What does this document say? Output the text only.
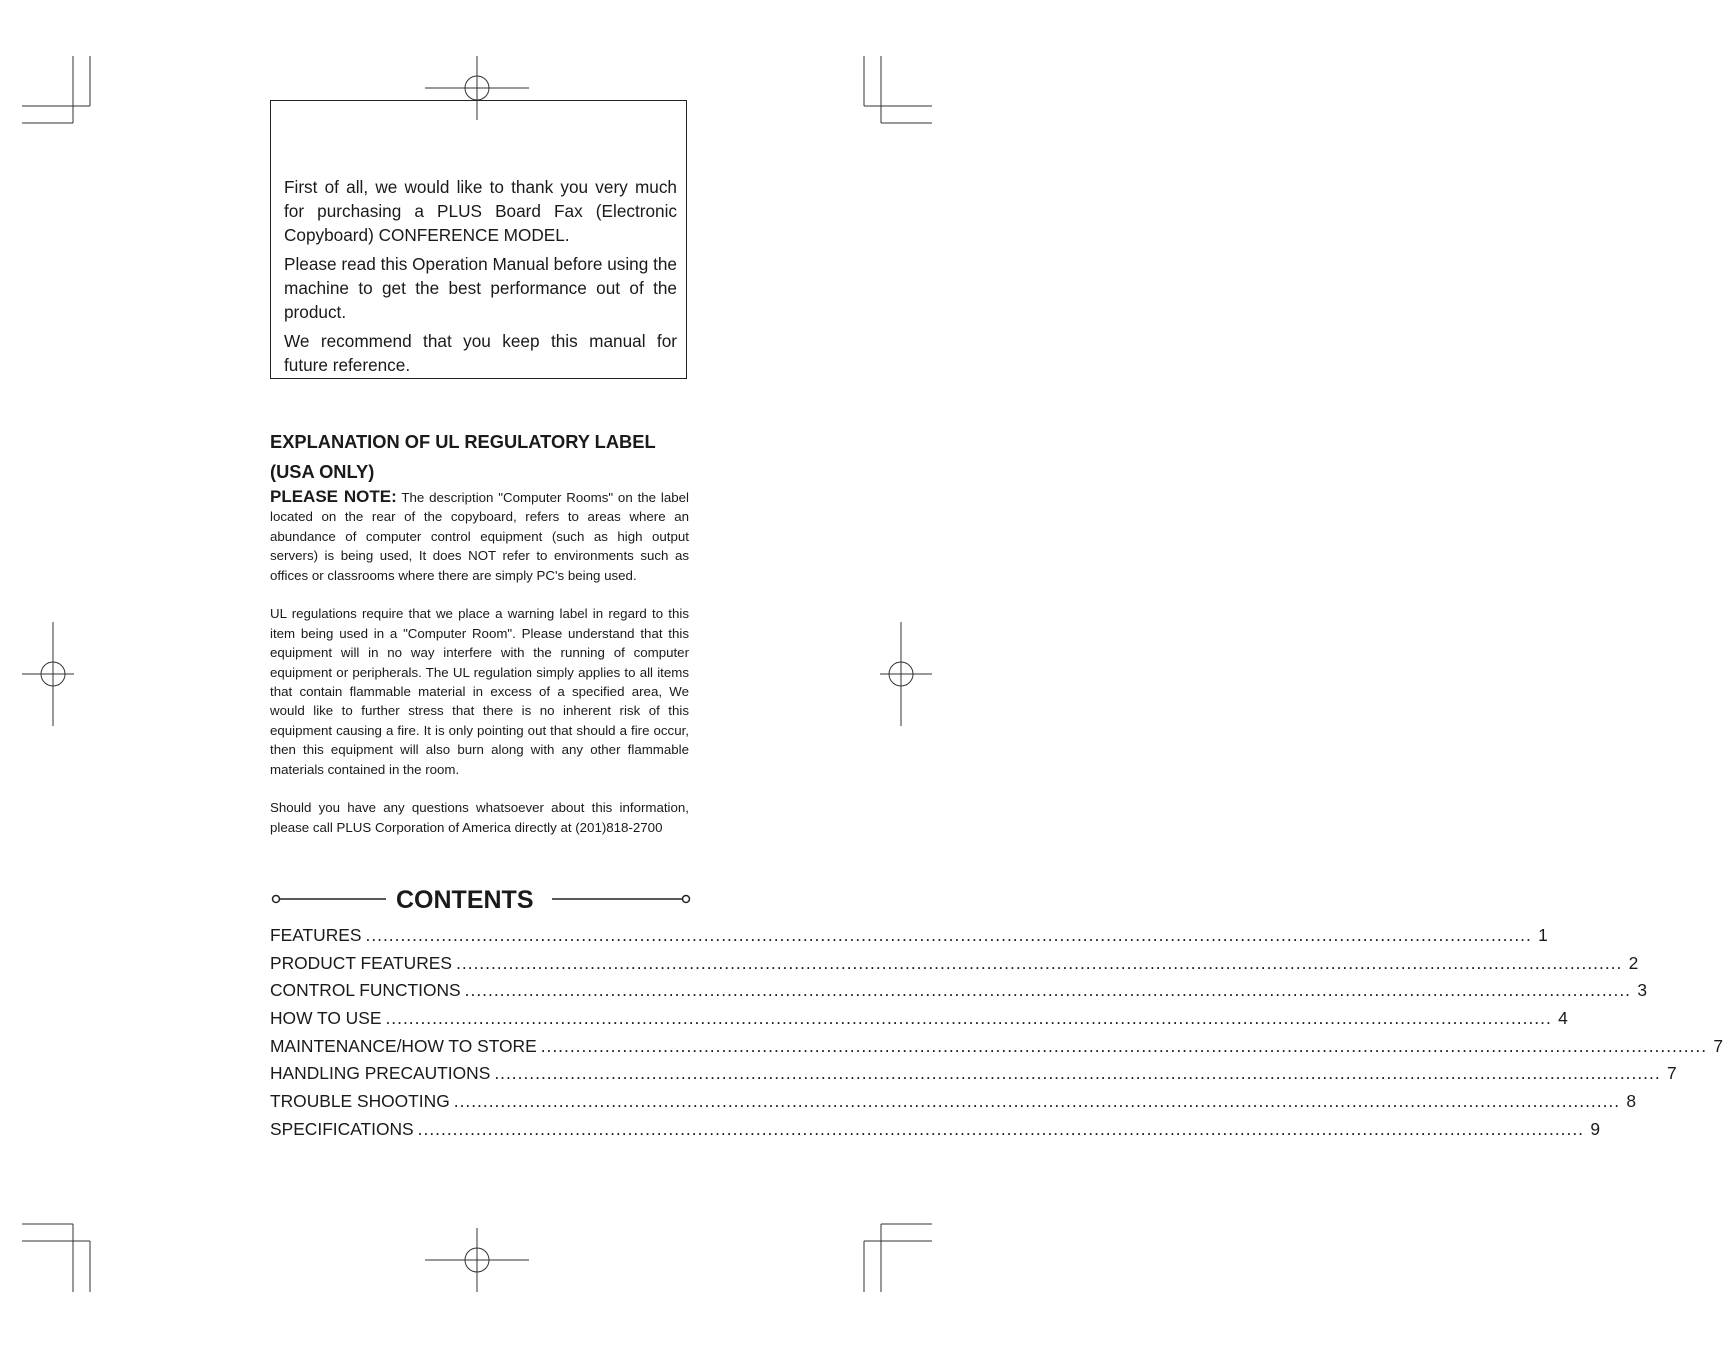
First of all, we would like to thank you very much for purchasing a PLUS Board Fax (Electronic Copyboard) CONFERENCE MODEL.

Please read this Operation Manual before using the machine to get the best performance out of the product.

We recommend that you keep this manual for future reference.

EXPLANATION OF UL REGULATORY LABEL
(USA ONLY)

PLEASE NOTE: The description "Computer Rooms" on the label located on the rear of the copyboard, refers to areas where an abundance of computer control equipment (such as high output servers) is being used, It does NOT refer to environments such as offices or classrooms where there are simply PC's being used.

UL regulations require that we place a warning label in regard to this item being used in a "Computer Room". Please understand that this equipment will in no way interfere with the running of computer equipment or peripherals. The UL regulation simply applies to all items that contain flammable material in excess of a specified area, We would like to further stress that there is no inherent risk of this equipment causing a fire. It is only pointing out that should a fire occur, then this equipment will also burn along with any other flammable materials contained in the room.

Should you have any questions whatsoever about this information, please call PLUS Corporation of America directly at (201)818-2700

CONTENTS
FEATURES ........................................................................................................................................................................................................ 1
PRODUCT FEATURES ........................................................................................................................................................................................................ 2
CONTROL FUNCTIONS ........................................................................................................................................................................................................ 3
HOW TO USE ........................................................................................................................................................................................................ 4
MAINTENANCE/HOW TO STORE ........................................................................................................................................................................................................ 7
HANDLING PRECAUTIONS ........................................................................................................................................................................................................ 7
TROUBLE SHOOTING ........................................................................................................................................................................................................ 8
SPECIFICATIONS ........................................................................................................................................................................................................ 9
